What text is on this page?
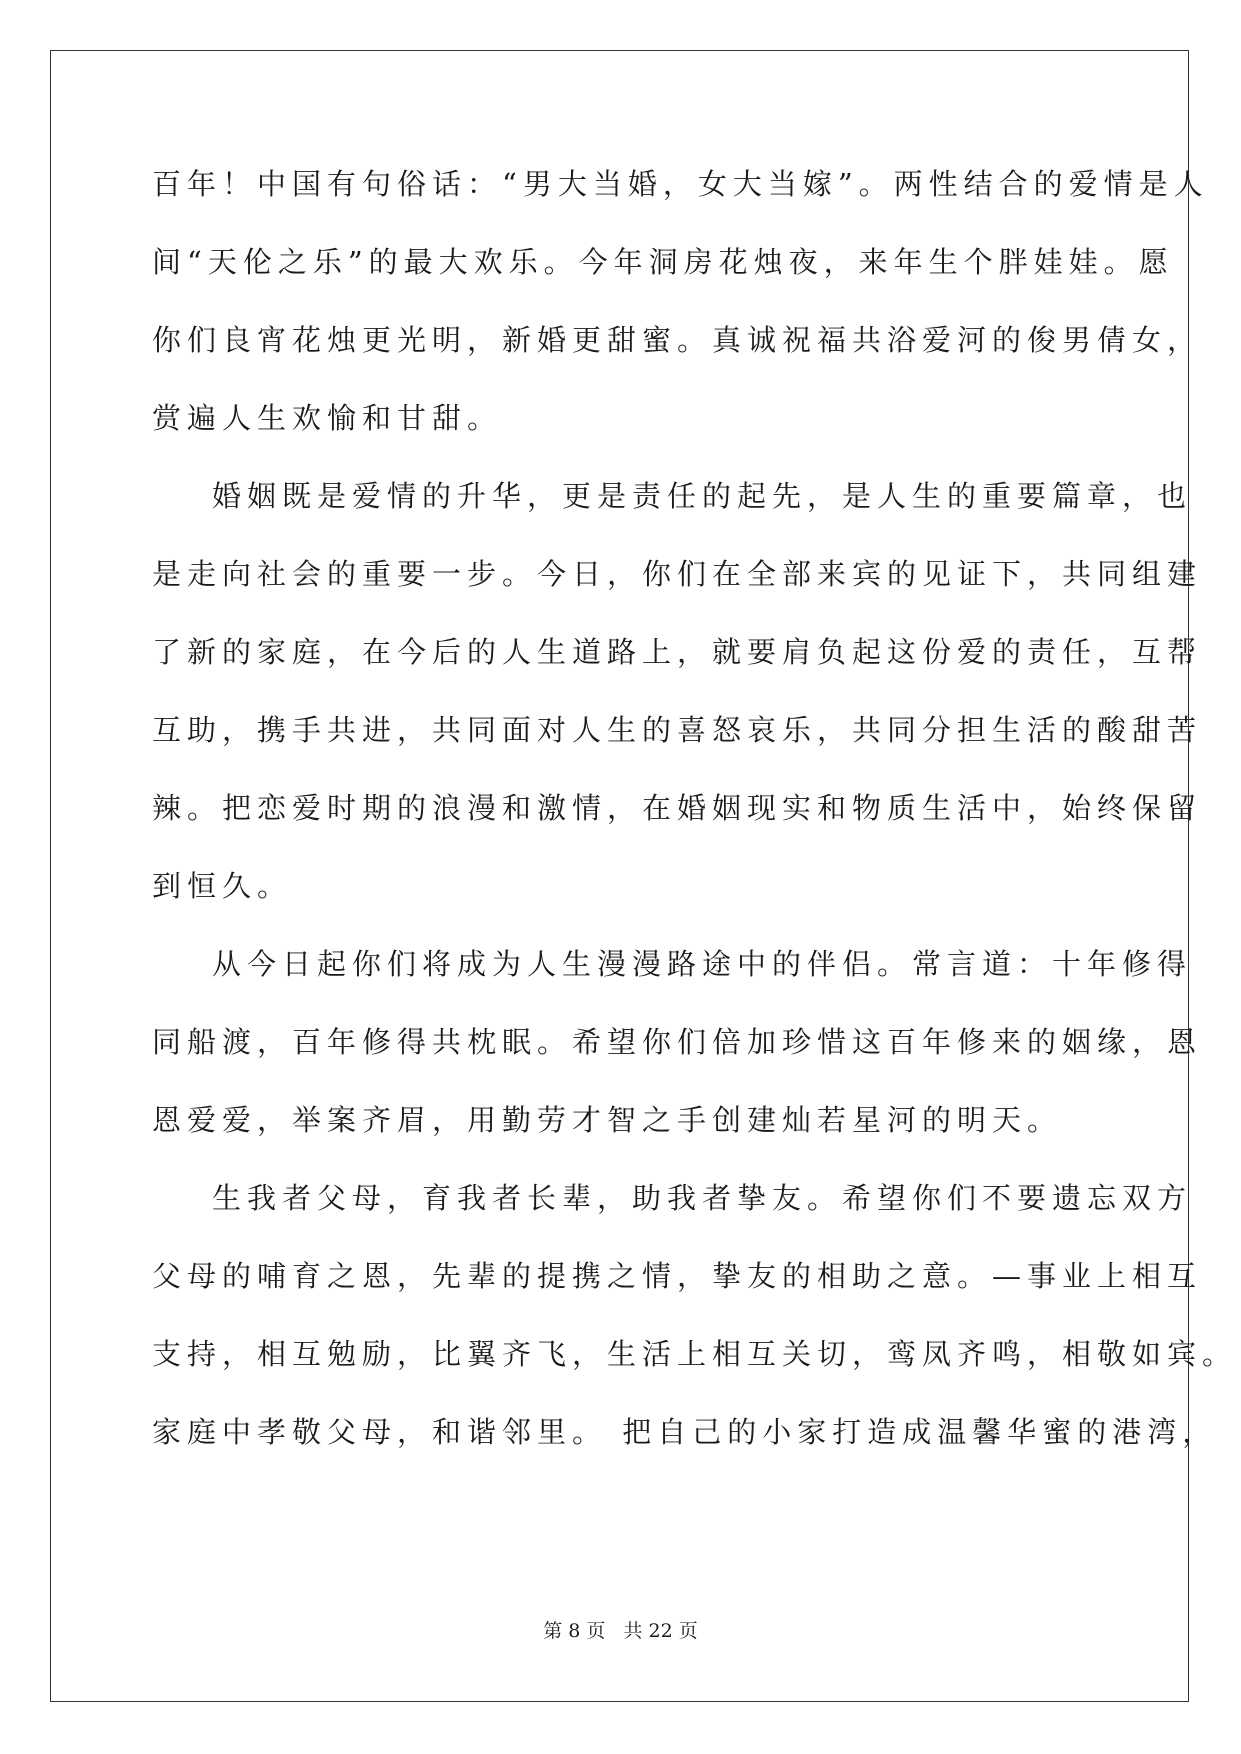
百年！中国有句俗话：“男大当婚，女大当嫁”。两性结合的爱情是人

间“天伦之乐”的最大欢乐。今年洞房花烛夜，来年生个胖娃娃。愿

你们良宵花烛更光明，新婚更甜蜜。真诚祝福共浴爱河的俊男倩女，

赏遍人生欢愉和甘甜。

婚姻既是爱情的升华，更是责任的起先，是人生的重要篇章，也

是走向社会的重要一步。今日，你们在全部来宾的见证下，共同组建

了新的家庭，在今后的人生道路上，就要肩负起这份爱的责任，互帮

互助，携手共进，共同面对人生的喜怒哀乐，共同分担生活的酸甜苦

辣。把恋爱时期的浪漫和激情，在婚姻现实和物质生活中，始终保留

到恒久。

从今日起你们将成为人生漫漫路途中的伴侣。常言道：十年修得

同船渡，百年修得共枕眠。希望你们倍加珍惜这百年修来的姻缘，恩

恩爱爱，举案齐眉，用勤劳才智之手创建灿若星河的明天。

生我者父母，育我者长辈，助我者挚友。希望你们不要遗忘双方

父母的哺育之恩，先辈的提携之情，挚友的相助之意。—事业上相互

支持，相互勉励，比翼齐飞，生活上相互关切，鸾凤齐鸣，相敬如宾。

家庭中孝敬父母，和谐邻里。 把自己的小家打造成温馨华蜜的港湾，

第 8 页 共 22 页
